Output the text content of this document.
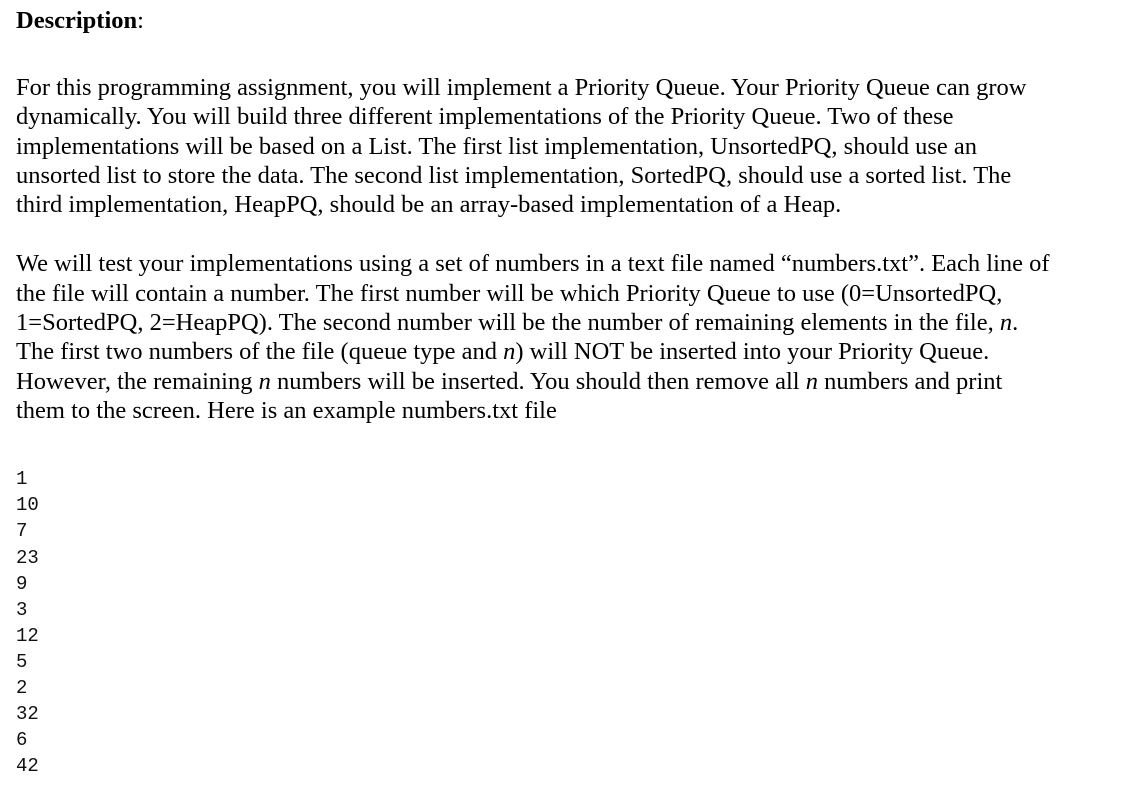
Description:

For this programming assignment, you will implement a Priority Queue. Your Priority Queue can grow
dynamically. You will build three different implementations of the Priority Queue. Two of these
implementations will be based on a List. The first list implementation, UnsortedPQ, should use an
unsorted list to store the data. The second list implementation, SortedPQ, should use a sorted list. The
third implementation, HeapPQ, should be an array-based implementation of a Heap.

We will test your implementations using a set of numbers in a text file named “numbers.txt”. Each line of
the file will contain a number. The first number will be which Priority Queue to use (0=UnsortedPQ,
1=SortedPQ, 2=HeapPQ). The second number will be the number of remaining elements in the file, n.
The first two numbers of the file (queue type and n) will NOT be inserted into your Priority Queue.
However, the remaining n numbers will be inserted. You should then remove all n numbers and print
them to the screen. Here is an example numbers.txt file

1
10
7
23
9
3
12
5
2
32
6
42
